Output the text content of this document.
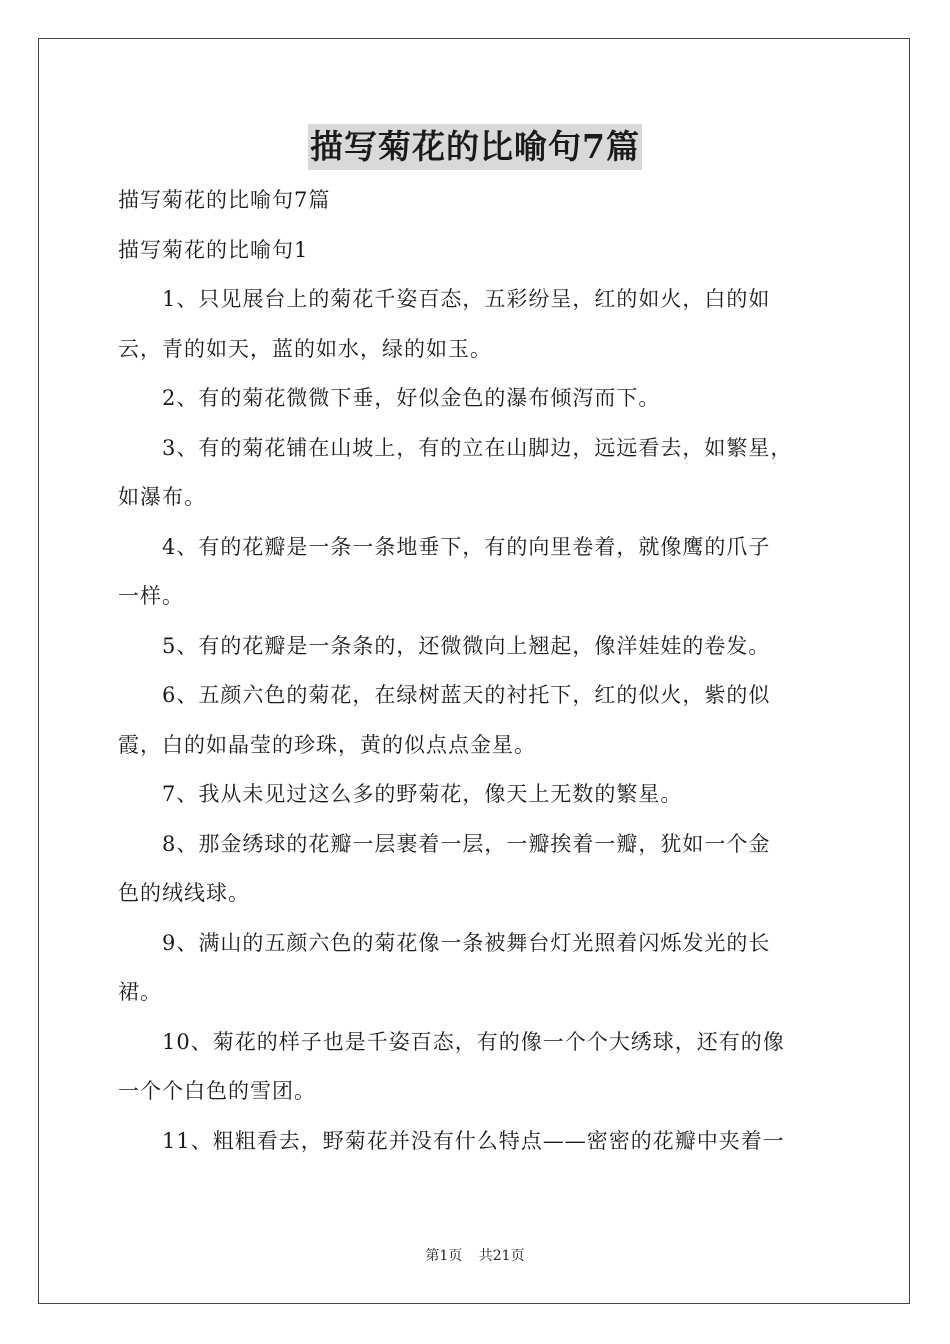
描写菊花的比喻句7篇
描写菊花的比喻句7篇
描写菊花的比喻句1
1、只见展台上的菊花千姿百态，五彩纷呈，红的如火，白的如
云，青的如天，蓝的如水，绿的如玉。
2、有的菊花微微下垂，好似金色的瀑布倾泻而下。
3、有的菊花铺在山坡上，有的立在山脚边，远远看去，如繁星，
如瀑布。
4、有的花瓣是一条一条地垂下，有的向里卷着，就像鹰的爪子
一样。
5、有的花瓣是一条条的，还微微向上翘起，像洋娃娃的卷发。
6、五颜六色的菊花，在绿树蓝天的衬托下，红的似火，紫的似
霞，白的如晶莹的珍珠，黄的似点点金星。
7、我从未见过这么多的野菊花，像天上无数的繁星。
8、那金绣球的花瓣一层裹着一层，一瓣挨着一瓣，犹如一个金
色的绒线球。
9、满山的五颜六色的菊花像一条被舞台灯光照着闪烁发光的长
裙。
10、菊花的样子也是千姿百态，有的像一个个大绣球，还有的像
一个个白色的雪团。
11、粗粗看去，野菊花并没有什么特点——密密的花瓣中夹着一
第1页 共21页
